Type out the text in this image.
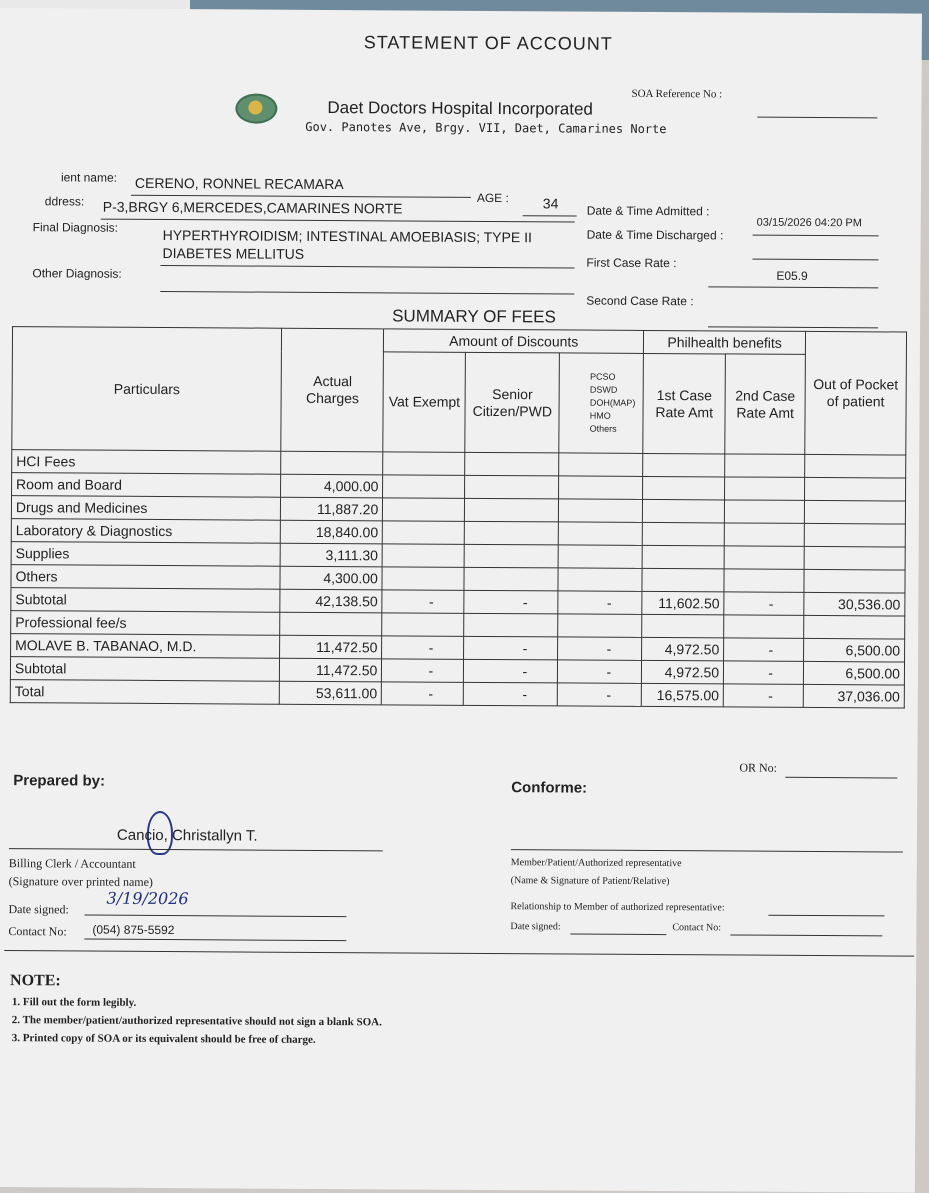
STATEMENT OF ACCOUNT
SOA Reference No :
Daet Doctors Hospital Incorporated
Gov. Panotes Ave, Brgy. VII, Daet, Camarines Norte
ient name: CERENO, RONNEL RECAMARA
AGE : 34
ddress: P-3,BRGY 6,MERCEDES,CAMARINES NORTE
Final Diagnosis:	HYPERTHYROIDISM; INTESTINAL AMOEBIASIS; TYPE II
DIABETES MELLITUS
Other Diagnosis:
Date & Time Admitted :
03/15/2026 04:20 PM
Date & Time Discharged :
First Case Rate :
E05.9
Second Case Rate :
SUMMARY OF FEES
Particulars	Actual Charges	Amount of Discounts			Philhealth benefits		Out of Pocket of patient
		Vat Exempt	Senior Citizen/PWD	PCSO
DSWD
DOH(MAP)
HMO
Others	1st Case Rate Amt	2nd Case Rate Amt	
HCI Fees							
Room and Board	4,000.00						
Drugs and Medicines	11,887.20						
Laboratory & Diagnostics	18,840.00						
Supplies	3,111.30						
Others	4,300.00						
Subtotal	42,138.50	-	-	-	11,602.50	-	30,536.00
Professional fee/s							
MOLAVE B. TABANAO, M.D.	11,472.50	-	-	-	4,972.50	-	6,500.00
Subtotal	11,472.50	-	-	-	4,972.50	-	6,500.00
Total	53,611.00	-	-	-	16,575.00	-	37,036.00
OR No:
Prepared by:	Conforme:
Cancio, Christallyn T.
Billing Clerk / Accountant
(Signature over printed name)
Member/Patient/Authorized representative
(Name & Signature of Patient/Relative)
Date signed:
3/19/2026
Contact No: (054) 875-5592
Relationship to Member of authorized representative:
Date signed:	Contact No:
NOTE:
1. Fill out the form legibly.
2. The member/patient/authorized representative should not sign a blank SOA.
3. Printed copy of SOA or its equivalent should be free of charge.
